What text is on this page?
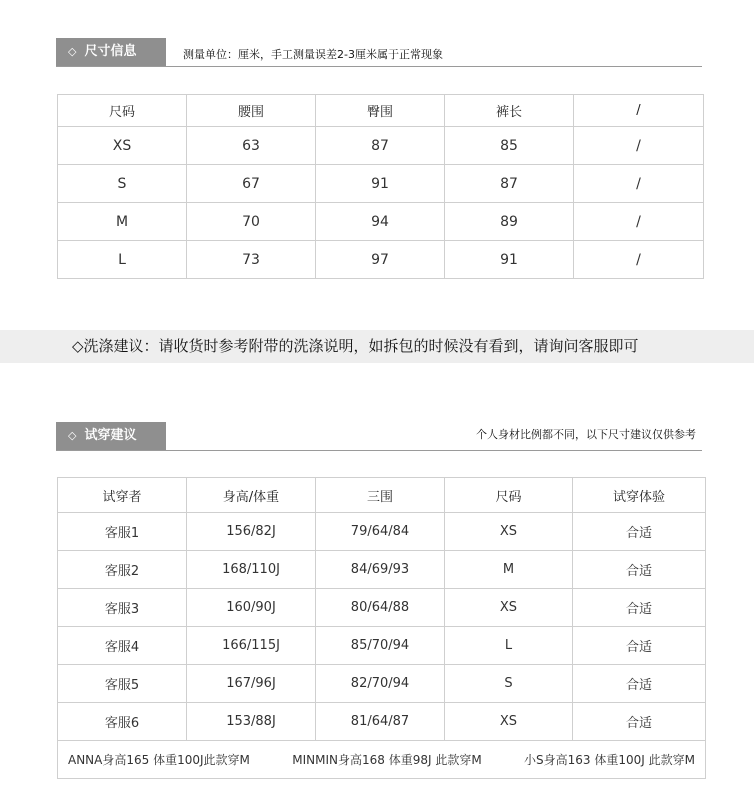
◇ 尺寸信息	测量单位：厘米，手工测量误差2-3厘米属于正常现象
尺码	腰围	臀围	裤长	/
XS	63	87	85	/
S	67	91	87	/
M	70	94	89	/
L	73	97	91	/
◇洗涤建议：请收货时参考附带的洗涤说明，如拆包的时候没有看到，请询问客服即可
◇ 试穿建议	个人身材比例都不同，以下尺寸建议仅供参考
试穿者	身高/体重	三围	尺码	试穿体验
客服1	156/82J	79/64/84	XS	合适
客服2	168/110J	84/69/93	M	合适
客服3	160/90J	80/64/88	XS	合适
客服4	166/115J	85/70/94	L	合适
客服5	167/96J	82/70/94	S	合适
客服6	153/88J	81/64/87	XS	合适

ANNA身高165 体重100J此款穿M MINMIN身高168 体重98J 此款穿M 小S身高163 体重100J 此款穿M				
